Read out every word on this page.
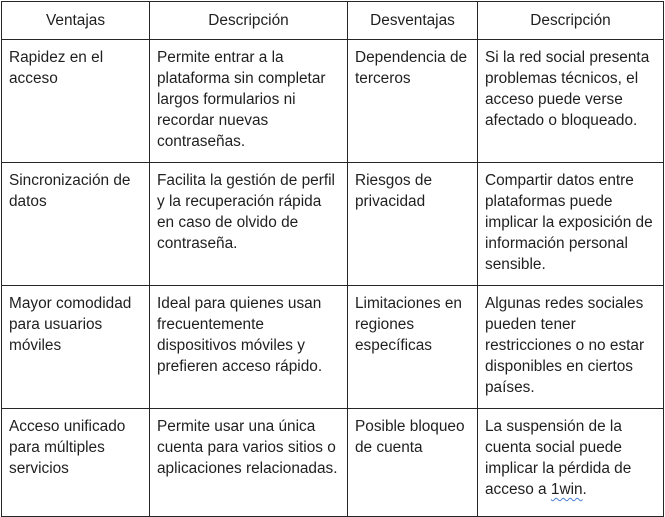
Ventajas	Descripción	Desventajas	Descripción
Rapidez en el acceso	Permite entrar a la plataforma sin completar largos formularios ni recordar nuevas contraseñas.	Dependencia de terceros	Si la red social presenta problemas técnicos, el acceso puede verse afectado o bloqueado.
Sincronización de datos	Facilita la gestión de perfil y la recuperación rápida en caso de olvido de contraseña.	Riesgos de privacidad	Compartir datos entre plataformas puede implicar la exposición de información personal sensible.
Mayor comodidad para usuarios móviles	Ideal para quienes usan frecuentemente dispositivos móviles y prefieren acceso rápido.	Limitaciones en regiones específicas	Algunas redes sociales pueden tener restricciones o no estar disponibles en ciertos países.
Acceso unificado para múltiples servicios	Permite usar una única cuenta para varios sitios o aplicaciones relacionadas.	Posible bloqueo de cuenta	La suspensión de la cuenta social puede implicar la pérdida de acceso a 1win.
